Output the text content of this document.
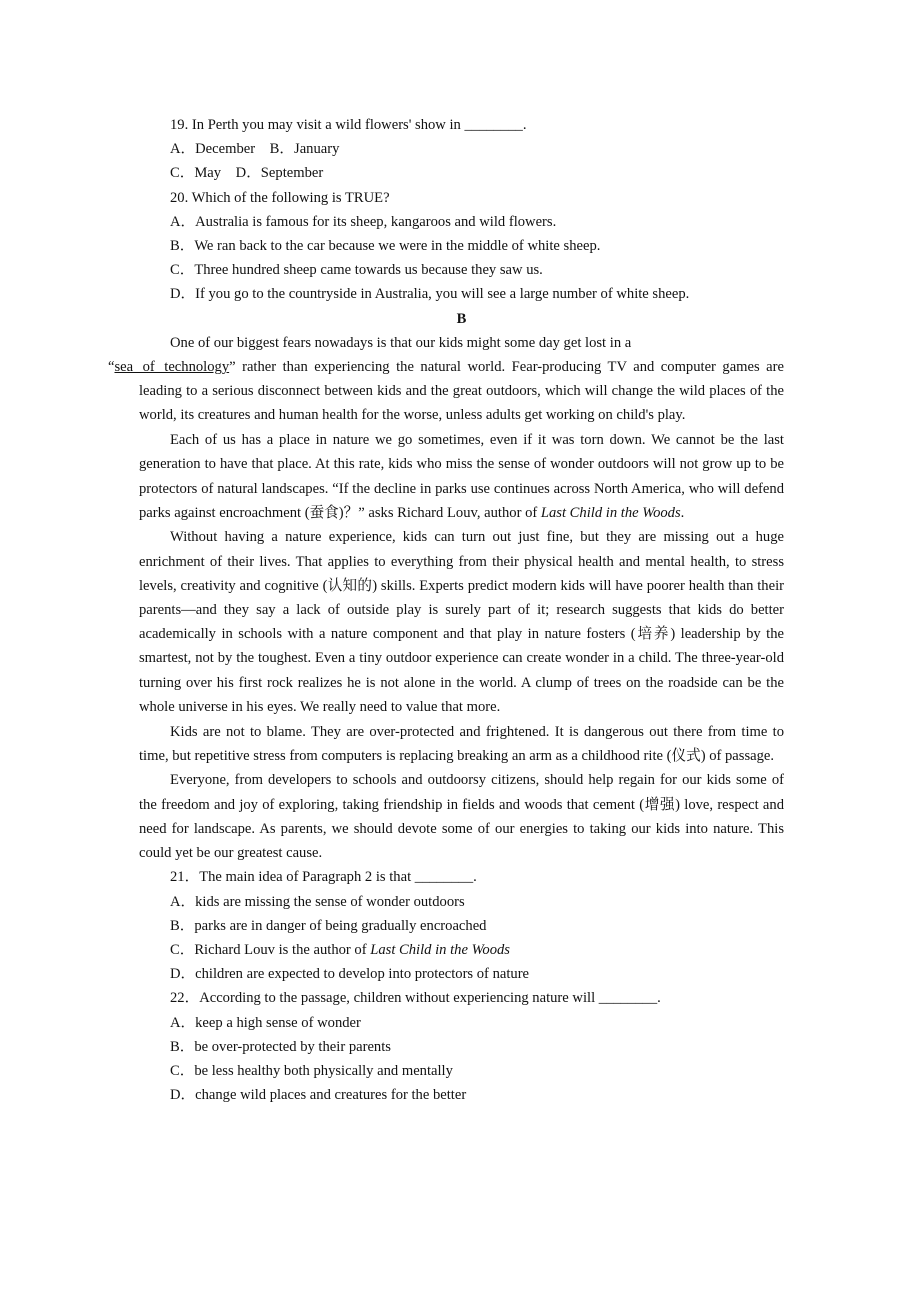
19. In Perth you may visit a wild flowers' show in ________.

A．December　B．January

C．May　D．September

20. Which of the following is TRUE?

A．Australia is famous for its sheep, kangaroos and wild flowers.

B．We ran back to the car because we were in the middle of white sheep.

C．Three hundred sheep came towards us because they saw us.

D．If you go to the countryside in Australia, you will see a large number of white sheep.

B

One of our biggest fears nowadays is that our kids might some day get lost in a
“sea of technology” rather than experiencing the natural world. Fear-producing TV and computer games are leading to a serious disconnect between kids and the great outdoors, which will change the wild places of the world, its creatures and human health for the worse, unless adults get working on child's play.

Each of us has a place in nature we go sometimes, even if it was torn down. We cannot be the last generation to have that place. At this rate, kids who miss the sense of wonder outdoors will not grow up to be protectors of natural landscapes. “If the decline in parks use continues across North America, who will defend parks against encroachment (蚕食)？” asks Richard Louv, author of Last Child in the Woods.

Without having a nature experience, kids can turn out just fine, but they are missing out a huge enrichment of their lives. That applies to everything from their physical health and mental health, to stress levels, creativity and cognitive (认知的) skills. Experts predict modern kids will have poorer health than their parents—and they say a lack of outside play is surely part of it; research suggests that kids do better academically in schools with a nature component and that play in nature fosters (培养) leadership by the smartest, not by the toughest. Even a tiny outdoor experience can create wonder in a child. The three-year-old turning over his first rock realizes he is not alone in the world. A clump of trees on the roadside can be the whole universe in his eyes. We really need to value that more.

Kids are not to blame. They are over-protected and frightened. It is dangerous out there from time to time, but repetitive stress from computers is replacing breaking an arm as a childhood rite (仪式) of passage.

Everyone, from developers to schools and outdoorsy citizens, should help regain for our kids some of the freedom and joy of exploring, taking friendship in fields and woods that cement (增强) love, respect and need for landscape. As parents, we should devote some of our energies to taking our kids into nature. This could yet be our greatest cause.

21．The main idea of Paragraph 2 is that ________.

A．kids are missing the sense of wonder outdoors

B．parks are in danger of being gradually encroached

C．Richard Louv is the author of Last Child in the Woods

D．children are expected to develop into protectors of nature

22．According to the passage, children without experiencing nature will ________.

A．keep a high sense of wonder

B．be over-protected by their parents

C．be less healthy both physically and mentally

D．change wild places and creatures for the better
